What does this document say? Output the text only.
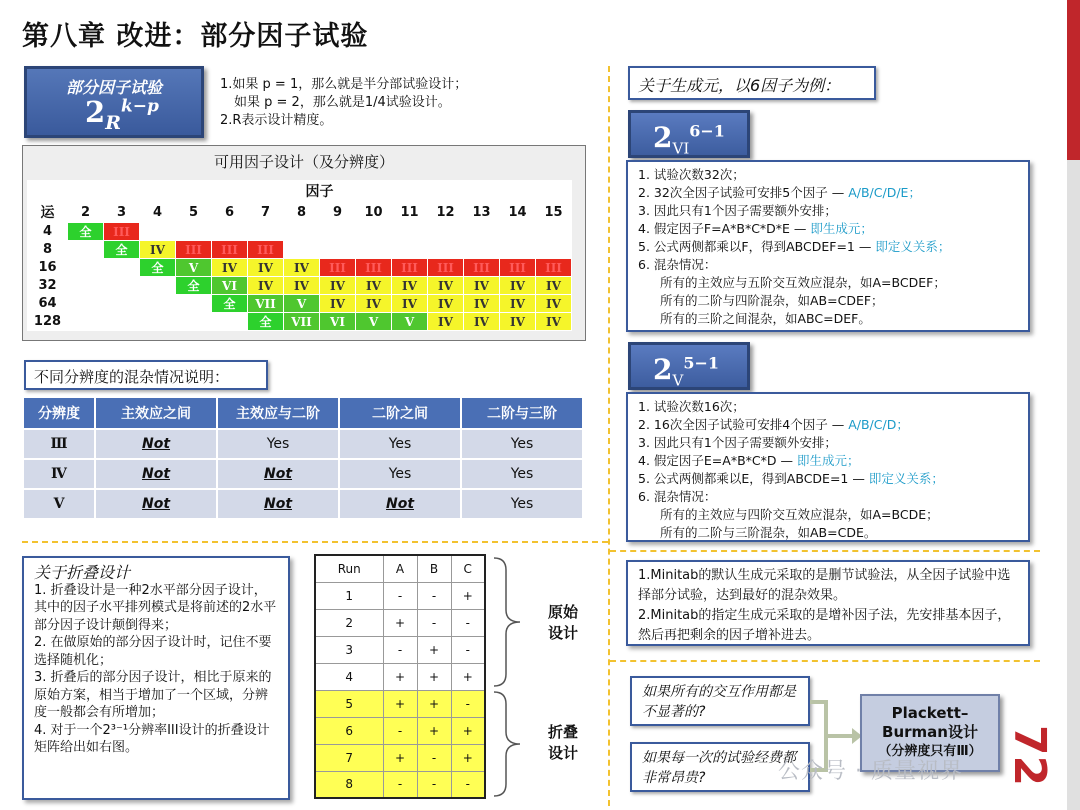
第八章 改进：部分因子试验
部分因子试验
$2_R^{k-p}$
1.如果 p = 1，那么就是半分部试验设计；
如果 p = 2，那么就是1/4试验设计。
2.R表示设计精度。
可用因子设计（及分辨度）
	因子													
运	2	3	4	5	6	7	8	9	10	11	12	13	14	15
4	全	III												
8		全	IV	III	III	III								
16			全	V	IV	IV	IV	III	III	III	III	III	III	III
32				全	VI	IV	IV	IV	IV	IV	IV	IV	IV	IV
64					全	VII	V	IV	IV	IV	IV	IV	IV	IV
128						全	VII	VI	V	V	IV	IV	IV	IV
不同分辨度的混杂情况说明：
分辨度	主效应之间	主效应与二阶	二阶之间	二阶与三阶
Ⅲ	Not	Yes	Yes	Yes
Ⅳ	Not	Not	Yes	Yes
Ⅴ	Not	Not	Not	Yes
关于折叠设计
1. 折叠设计是一种2水平部分因子设计，其中的因子水平排列模式是将前述的2水平部分因子设计颠倒得来；
2. 在做原始的部分因子设计时，记住不要选择随机化；
3. 折叠后的部分因子设计，相比于原来的原始方案，相当于增加了一个区域，分辨度一般都会有所增加；
4. 对于一个2³⁻¹分辨率III设计的折叠设计矩阵给出如右图。
Run	A	B	C
1	-	-	+
2	+	-	-
3	-	+	-
4	+	+	+
5	+	+	-
6	-	+	+
7	+	-	+
8	-	-	-
原始
设计
折叠
设计
关于生成元，以6因子为例：
$2_{VI}^{6-1}$
1. 试验次数32次；
2. 32次全因子试验可安排5个因子 — A/B/C/D/E；
3. 因此只有1个因子需要额外安排；
4. 假定因子F=A*B*C*D*E — 即生成元；
5. 公式两侧都乘以F，得到ABCDEF=1 — 即定义关系；
6. 混杂情况：
所有的主效应与五阶交互效应混杂，如A=BCDEF；
所有的二阶与四阶混杂，如AB=CDEF；
所有的三阶之间混杂，如ABC=DEF。
$2_V^{5-1}$
1. 试验次数16次；
2. 16次全因子试验可安排4个因子 — A/B/C/D；
3. 因此只有1个因子需要额外安排；
4. 假定因子E=A*B*C*D — 即生成元；
5. 公式两侧都乘以E，得到ABCDE=1 — 即定义关系；
6. 混杂情况：
所有的主效应与四阶交互效应混杂，如A=BCDE；
所有的二阶与三阶混杂，如AB=CDE。
1.Minitab的默认生成元采取的是删节试验法，从全因子试验中选择部分试验，达到最好的混杂效果。
2.Minitab的指定生成元采取的是增补因子法，先安排基本因子，然后再把剩余的因子增补进去。
如果所有的交互作用都是不显著的?
如果每一次的试验经费都非常昂贵?
Plackett–
Burman设计
（分辨度只有Ⅲ）
公众号 · 质量视界 72
